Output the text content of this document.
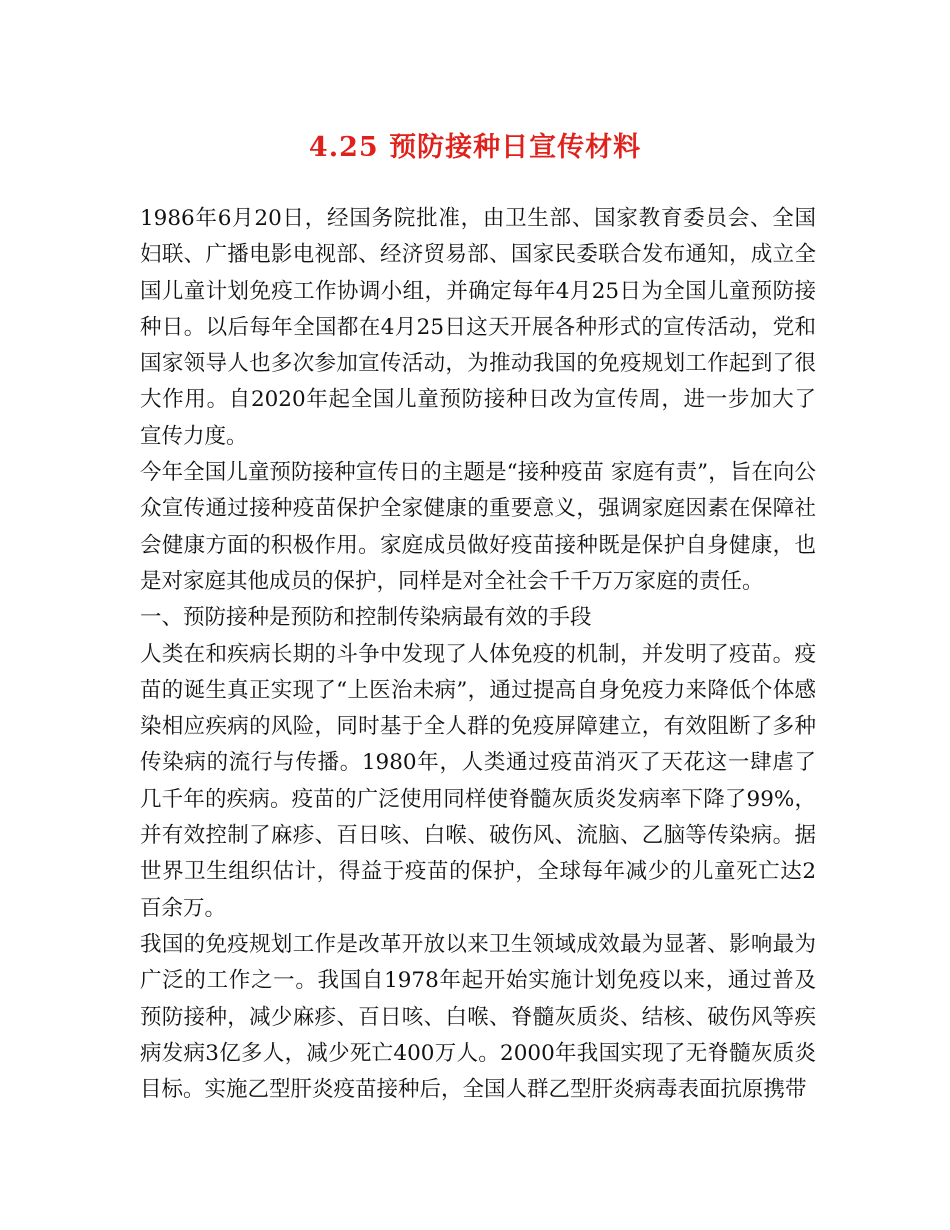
4.25 预防接种日宣传材料

1986年6月20日，经国务院批准，由卫生部、国家教育委员会、全国妇联、广播电影电视部、经济贸易部、国家民委联合发布通知，成立全国儿童计划免疫工作协调小组，并确定每年4月25日为全国儿童预防接种日。以后每年全国都在4月25日这天开展各种形式的宣传活动，党和国家领导人也多次参加宣传活动，为推动我国的免疫规划工作起到了很大作用。自2020年起全国儿童预防接种日改为宣传周，进一步加大了宣传力度。

今年全国儿童预防接种宣传日的主题是“接种疫苗 家庭有责”，旨在向公众宣传通过接种疫苗保护全家健康的重要意义，强调家庭因素在保障社会健康方面的积极作用。家庭成员做好疫苗接种既是保护自身健康，也是对家庭其他成员的保护，同样是对全社会千千万万家庭的责任。

一、预防接种是预防和控制传染病最有效的手段

人类在和疾病长期的斗争中发现了人体免疫的机制，并发明了疫苗。疫苗的诞生真正实现了“上医治未病”，通过提高自身免疫力来降低个体感染相应疾病的风险，同时基于全人群的免疫屏障建立，有效阻断了多种传染病的流行与传播。1980年，人类通过疫苗消灭了天花这一肆虐了几千年的疾病。疫苗的广泛使用同样使脊髓灰质炎发病率下降了99%，并有效控制了麻疹、百日咳、白喉、破伤风、流脑、乙脑等传染病。据世界卫生组织估计，得益于疫苗的保护，全球每年减少的儿童死亡达2百余万。

我国的免疫规划工作是改革开放以来卫生领域成效最为显著、影响最为广泛的工作之一。我国自1978年起开始实施计划免疫以来，通过普及预防接种，减少麻疹、百日咳、白喉、脊髓灰质炎、结核、破伤风等疾病发病3亿多人，减少死亡400万人。2000年我国实现了无脊髓灰质炎目标。实施乙型肝炎疫苗接种后，全国人群乙型肝炎病毒表面抗原携带
